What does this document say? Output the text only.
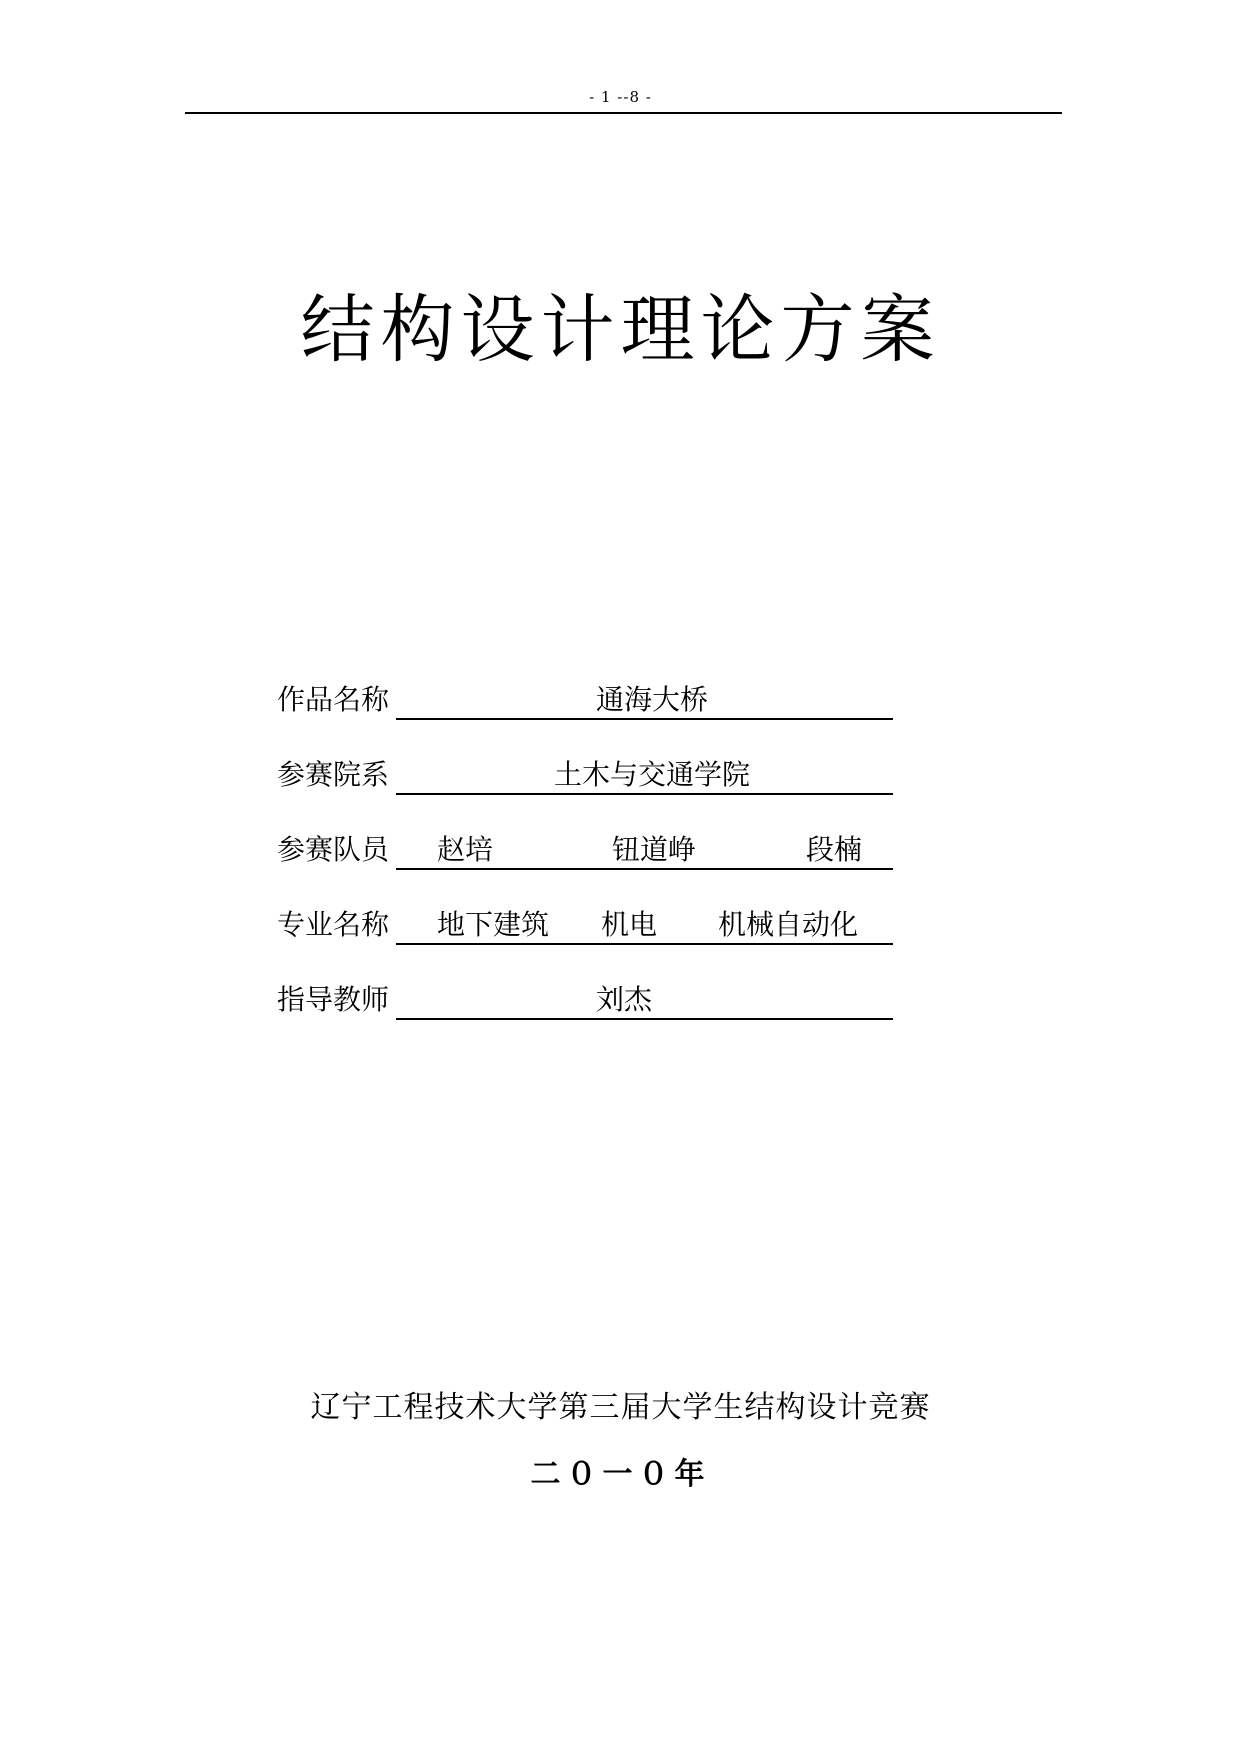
- 1 --8 -
结构设计理论方案
作品名称	通海大桥
参赛院系	土木与交通学院
参赛队员 赵培	钮道峥	段楠
专业名称 地下建筑 机电 机械自动化
指导教师	刘杰
辽宁工程技术大学第三届大学生结构设计竞赛
二０一０年
